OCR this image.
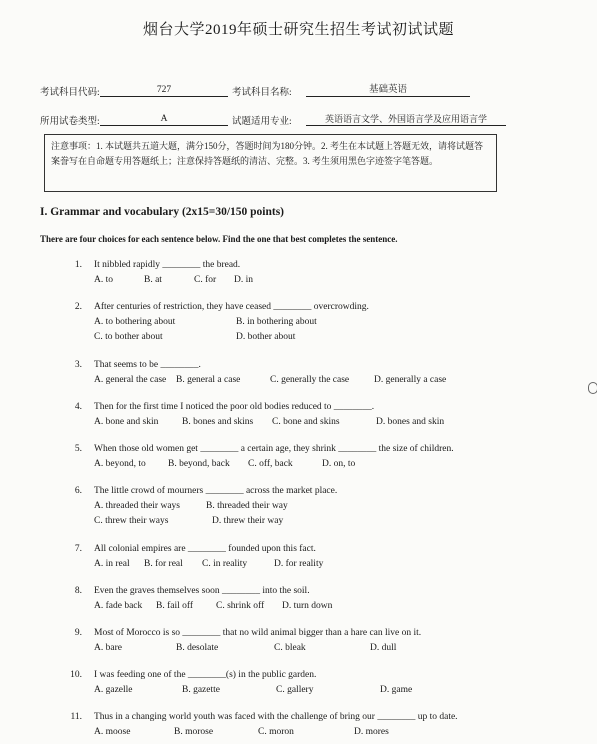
烟台大学2019年硕士研究生招生考试初试试题
考试科目代码:	727	考试科目名称:	基础英语
所用试卷类型:	A	试题适用专业:	英语语言文学、外国语言学及应用语言学
注意事项：1. 本试题共五道大题，满分150分，答题时间为180分钟。2. 考生在本试题上答题无效，请将试题答案誊写在自命题专用答题纸上；注意保持答题纸的清洁、完整。3. 考生须用黑色字迹签字笔答题。
I. Grammar and vocabulary (2x15=30/150 points)
There are four choices for each sentence below. Find the one that best completes the sentence.
1. It nibbled rapidly ________ the bread.
A. to	B. at	C. for D. in
2. After centuries of restriction, they have ceased ________ overcrowding.
A. to bothering about	B. in bothering about
C. to bother about	D. bother about
3. That seems to be ________.
A. general the case B. general a case	C. generally the case	D. generally a case
4. Then for the first time I noticed the poor old bodies reduced to ________.
A. bone and skin B. bones and skins C. bone and skins	D. bones and skin
5. When those old women get ________ a certain age, they shrink ________ the size of children.
A. beyond, to B. beyond, back C. off, back	D. on, to
6. The little crowd of mourners ________ across the market place.
A. threaded their ways	B. threaded their way
C. threw their ways	D. threw their way
7. All colonial empires are ________ founded upon this fact.
A. in real B. for real C. in reality	D. for reality
8. Even the graves themselves soon ________ into the soil.
A. fade back B. fail off C. shrink off D. turn down
9. Most of Morocco is so ________ that no wild animal bigger than a hare can live on it.
A. bare	B. desolate	C. bleak	D. dull
10. I was feeding one of the ________(s) in the public garden.
A. gazelle	B. gazette	C. gallery	D. game
11. Thus in a changing world youth was faced with the challenge of bring our ________ up to date.
A. moose	B. morose	C. moron	D. mores
